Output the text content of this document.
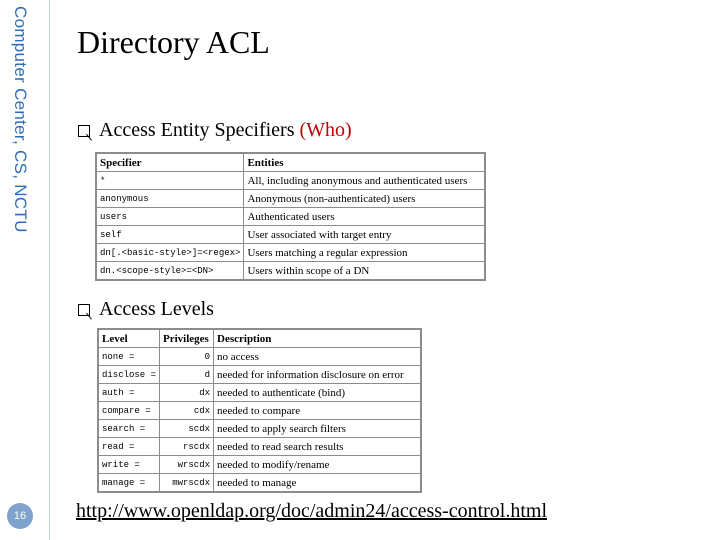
Computer Center, CS, NCTU
16
Directory ACL
Access Entity Specifiers
(Who)
Specifier	Entities
*	All, including anonymous and authenticated users
anonymous	Anonymous (non-authenticated) users
users	Authenticated users
self	User associated with target entry
dn[.<basic-style>]=<regex>	Users matching a regular expression
dn.<scope-style>=<DN>	Users within scope of a DN
Access Levels
Level	Privileges	Description
none =	0	no access
disclose =	d	needed for information disclosure on error
auth =	dx	needed to authenticate (bind)
compare =	cdx	needed to compare
search =	scdx	needed to apply search filters
read =	rscdx	needed to read search results
write =	wrscdx	needed to modify/rename
manage =	mwrscdx	needed to manage
http://www.openldap.org/doc/admin24/access-control.html
